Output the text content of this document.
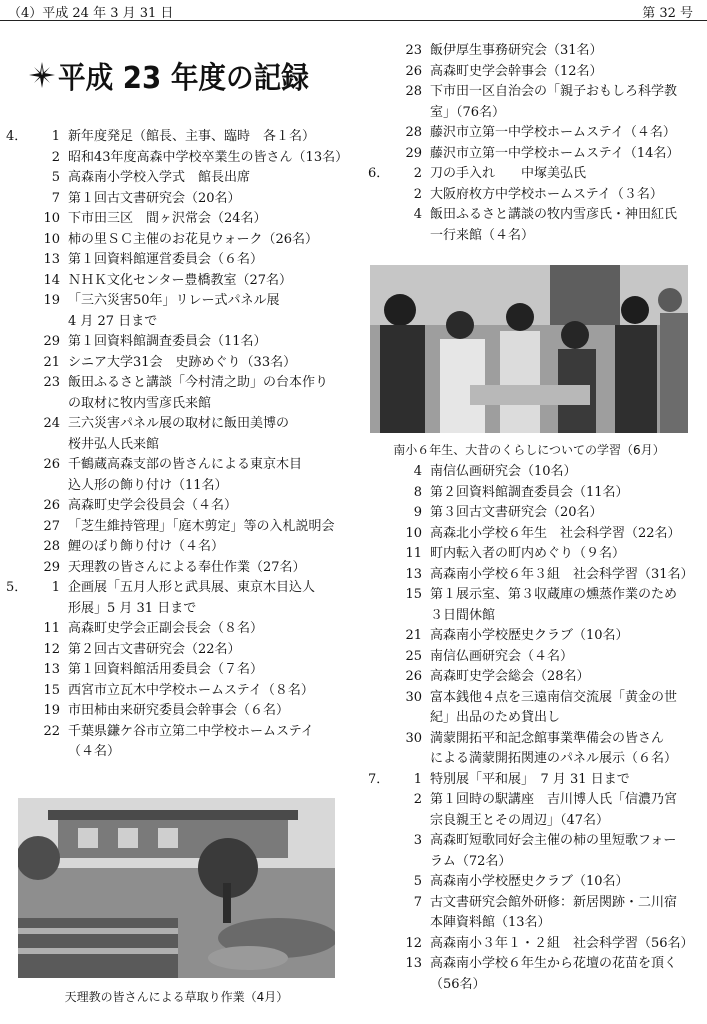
（4）平成 24 年 3 月 31 日	第 32 号
平成 23 年度の記録
4．	1 新年度発足（館長、主事、臨時　各１名）
2 昭和43年度高森中学校卒業生の皆さん（13名）
5 高森南小学校入学式　館長出席
7 第１回古文書研究会（20名）
10 下市田三区　間ヶ沢常会（24名）
10 柿の里ＳＣ主催のお花見ウォーク（26名）
13 第１回資料館運営委員会（６名）
14 ＮＨＫ文化センター豊橋教室（27名）
19 「三六災害50年」リレー式パネル展
4 月 27 日まで
29 第１回資料館調査委員会（11名）
21 シニア大学31会　史跡めぐり（33名）
23 飯田ふるさと講談「今村清之助」の台本作り
の取材に牧内雪彦氏来館
24 三六災害パネル展の取材に飯田美博の
桜井弘人氏来館
26 千鶴蔵高森支部の皆さんによる東京木目
込人形の飾り付け（11名）
26 高森町史学会役員会（４名）
27 「芝生維持管理」「庭木剪定」等の入札説明会
28 鯉のぼり飾り付け（４名）
29 天理教の皆さんによる奉仕作業（27名）
5．	1 企画展「五月人形と武具展、東京木目込人
形展」5 月 31 日まで
11 高森町史学会正副会長会（８名）
12 第２回古文書研究会（22名）
13 第１回資料館活用委員会（７名）
15 西宮市立瓦木中学校ホームステイ（８名）
19 市田柿由来研究委員会幹事会（６名）
22 千葉県鎌ケ谷市立第二中学校ホームステイ
（４名）
23 飯伊厚生事務研究会（31名）
26 高森町史学会幹事会（12名）
28 下市田一区自治会の「親子おもしろ科学教
室」（76名）
28 藤沢市立第一中学校ホームステイ（４名）
29 藤沢市立第一中学校ホームステイ（14名）
6．	2 刀の手入れ　　中塚美弘氏
2 大阪府枚方中学校ホームステイ（３名）
4 飯田ふるさと講談の牧内雪彦氏・神田紅氏
一行来館（４名）
4 南信仏画研究会（10名）
8 第２回資料館調査委員会（11名）
9 第３回古文書研究会（20名）
10 高森北小学校６年生　社会科学習（22名）
11 町内転入者の町内めぐり（９名）
13 高森南小学校６年３組　社会科学習（31名）
15 第１展示室、第３収蔵庫の燻蒸作業のため
３日間休館
21 高森南小学校歴史クラブ（10名）
25 南信仏画研究会（４名）
26 高森町史学会総会（28名）
30 富本銭他４点を三遠南信交流展「黄金の世
紀」出品のため貸出し
30 満蒙開拓平和記念館事業準備会の皆さん
による満蒙開拓関連のパネル展示（６名）
7．	1 特別展「平和展」　7 月 31 日まで
2 第１回時の駅講座　吉川博人氏「信濃乃宮
宗良親王とその周辺」（47名）
3 高森町短歌同好会主催の柿の里短歌フォー
ラム（72名）
5 高森南小学校歴史クラブ（10名）
7 古文書研究会館外研修：新居関跡・二川宿
本陣資料館（13名）
12 高森南小３年１・２組　社会科学習（56名）
13 高森南小学校６年生から花壇の花苗を頂く
（56名）
天理教の皆さんによる草取り作業（4月）
南小６年生、大昔のくらしについての学習（6月）
